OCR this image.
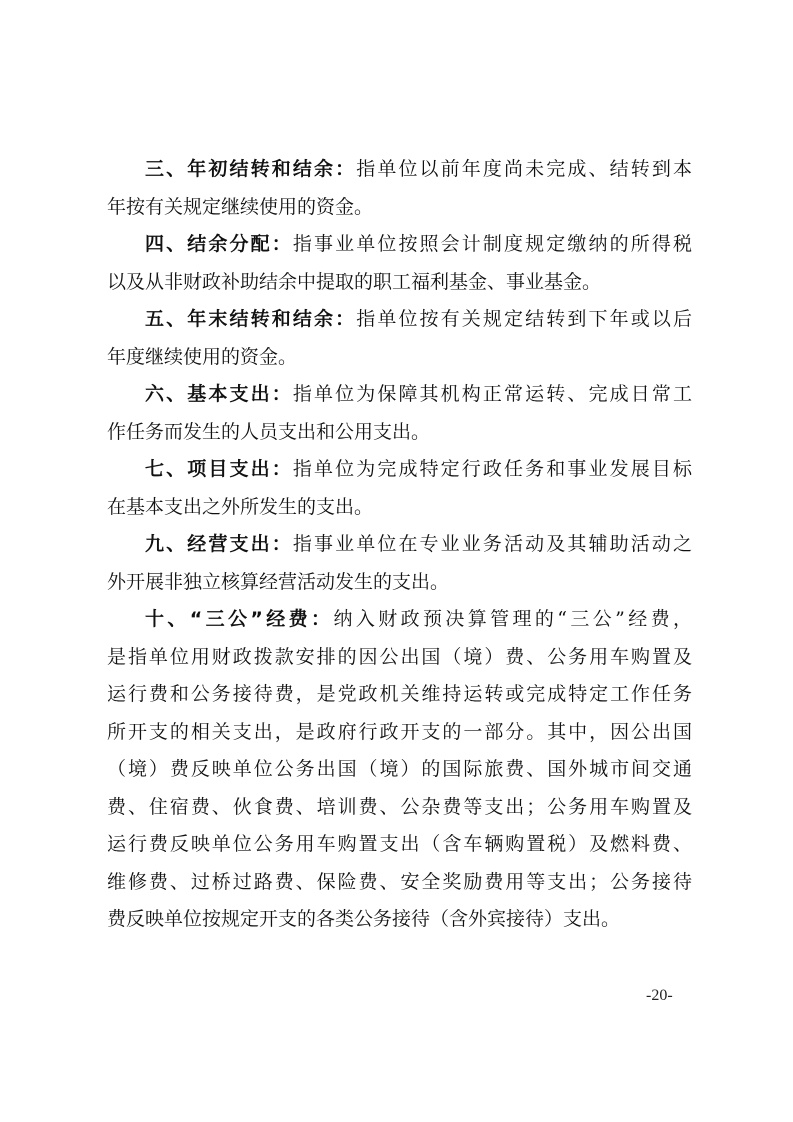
三、年初结转和结余：指单位以前年度尚未完成、结转到本
年按有关规定继续使用的资金。
四、结余分配：指事业单位按照会计制度规定缴纳的所得税
以及从非财政补助结余中提取的职工福利基金、事业基金。
五、年末结转和结余：指单位按有关规定结转到下年或以后
年度继续使用的资金。
六、基本支出：指单位为保障其机构正常运转、完成日常工
作任务而发生的人员支出和公用支出。
七、项目支出：指单位为完成特定行政任务和事业发展目标
在基本支出之外所发生的支出。
九、经营支出：指事业单位在专业业务活动及其辅助活动之
外开展非独立核算经营活动发生的支出。
十、“三公”经费：纳入财政预决算管理的“三公”经费，
是指单位用财政拨款安排的因公出国（境）费、公务用车购置及
运行费和公务接待费，是党政机关维持运转或完成特定工作任务
所开支的相关支出，是政府行政开支的一部分。其中，因公出国
（境）费反映单位公务出国（境）的国际旅费、国外城市间交通
费、住宿费、伙食费、培训费、公杂费等支出；公务用车购置及
运行费反映单位公务用车购置支出（含车辆购置税）及燃料费、
维修费、过桥过路费、保险费、安全奖励费用等支出；公务接待
费反映单位按规定开支的各类公务接待（含外宾接待）支出。
-20-
